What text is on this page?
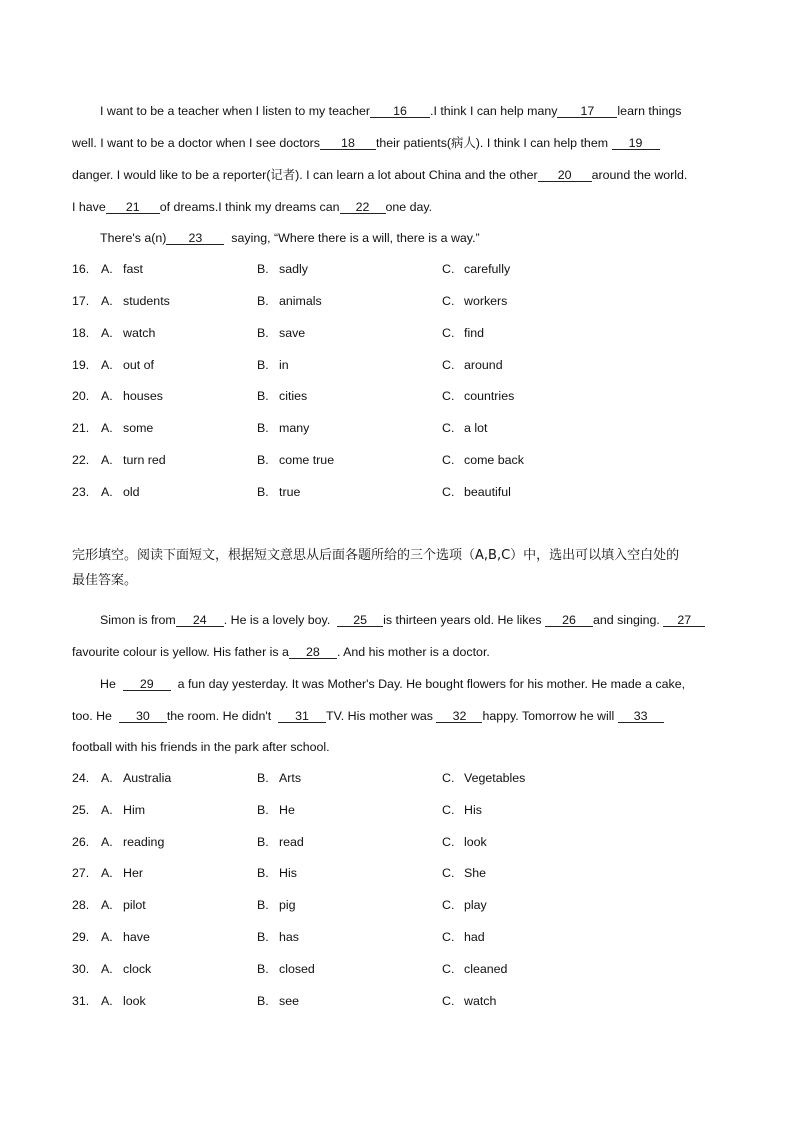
I want to be a teacher when I listen to my teacher 16 .I think I can help many 17 learn things
well. I want to be a doctor when I see doctors 18 their patients(病人). I think I can help them 19
danger. I would like to be a reporter(记者). I can learn a lot about China and the other 20 around the world.
I have 21 of dreams.I think my dreams can 22 one day.
There's a(n) 23 saying, “Where there is a will, there is a way.”
16. A. fast	B. sadly	C. carefully
17. A. students	B. animals	C. workers
18. A. watch	B. save	C. find
19. A. out of	B. in	C. around
20. A. houses	B. cities	C. countries
21. A. some	B. many	C. a lot
22. A. turn red	B. come true	C. come back
23. A. old	B. true	C. beautiful
完形填空。阅读下面短文，根据短文意思从后面各题所给的三个选项（A,B,C）中，选出可以填入空白处的
最佳答案。
Simon is from 24 . He is a lovely boy. 25 is thirteen years old. He likes 26 and singing. 27
favourite colour is yellow. His father is a 28 . And his mother is a doctor.
He 29 a fun day yesterday. It was Mother's Day. He bought flowers for his mother. He made a cake,
too. He 30 the room. He didn't 31 TV. His mother was 32 happy. Tomorrow he will 33
football with his friends in the park after school.
24. A. Australia	B. Arts	C. Vegetables
25. A. Him	B. He	C. His
26. A. reading	B. read	C. look
27. A. Her	B. His	C. She
28. A. pilot	B. pig	C. play
29. A. have	B. has	C. had
30. A. clock	B. closed	C. cleaned
31. A. look	B. see	C. watch
